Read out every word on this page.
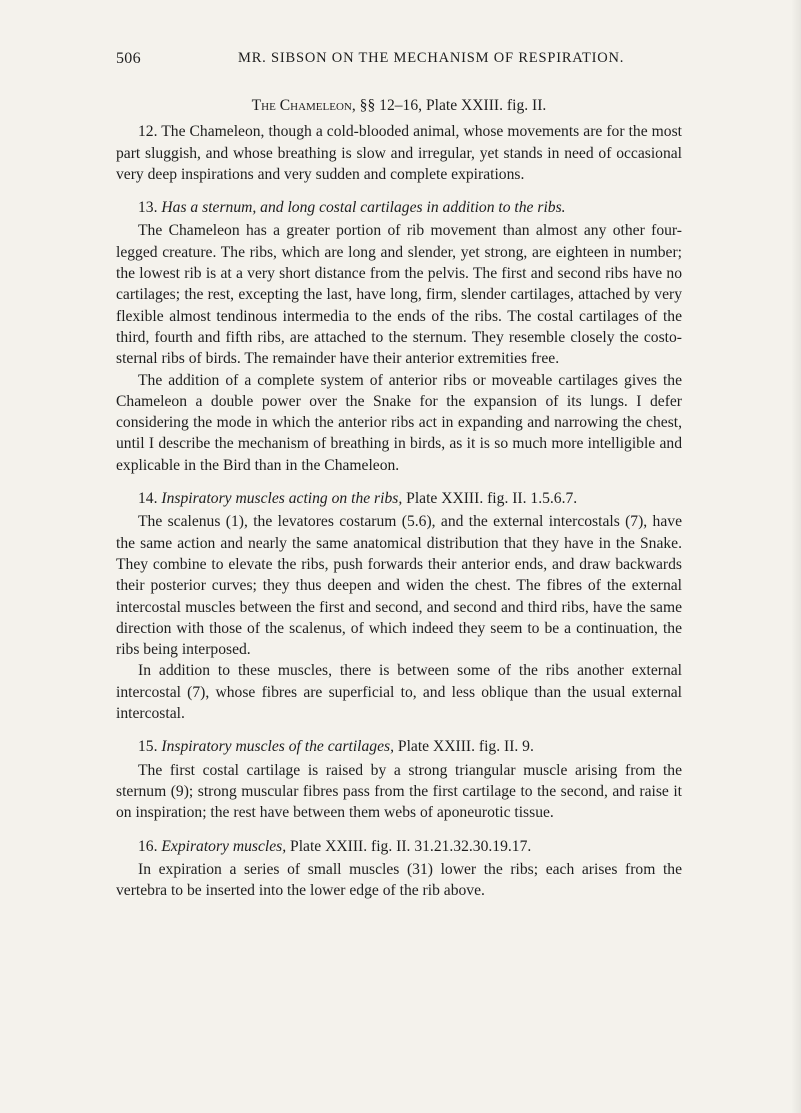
506	MR. SIBSON ON THE MECHANISM OF RESPIRATION.
The Chameleon, §§ 12–16, Plate XXIII. fig. II.

12. The Chameleon, though a cold-blooded animal, whose movements are for the most part sluggish, and whose breathing is slow and irregular, yet stands in need of occasional very deep inspirations and very sudden and complete expirations.

13. Has a sternum, and long costal cartilages in addition to the ribs.

The Chameleon has a greater portion of rib movement than almost any other four-legged creature. The ribs, which are long and slender, yet strong, are eighteen in number; the lowest rib is at a very short distance from the pelvis. The first and second ribs have no cartilages; the rest, excepting the last, have long, firm, slender cartilages, attached by very flexible almost tendinous intermedia to the ends of the ribs. The costal cartilages of the third, fourth and fifth ribs, are attached to the sternum. They resemble closely the costo-sternal ribs of birds. The remainder have their anterior extremities free.

The addition of a complete system of anterior ribs or moveable cartilages gives the Chameleon a double power over the Snake for the expansion of its lungs. I defer considering the mode in which the anterior ribs act in expanding and narrowing the chest, until I describe the mechanism of breathing in birds, as it is so much more intelligible and explicable in the Bird than in the Chameleon.

14. Inspiratory muscles acting on the ribs, Plate XXIII. fig. II. 1.5.6.7.

The scalenus (1), the levatores costarum (5.6), and the external intercostals (7), have the same action and nearly the same anatomical distribution that they have in the Snake. They combine to elevate the ribs, push forwards their anterior ends, and draw backwards their posterior curves; they thus deepen and widen the chest. The fibres of the external intercostal muscles between the first and second, and second and third ribs, have the same direction with those of the scalenus, of which indeed they seem to be a continuation, the ribs being interposed.

In addition to these muscles, there is between some of the ribs another external intercostal (7), whose fibres are superficial to, and less oblique than the usual external intercostal.

15. Inspiratory muscles of the cartilages, Plate XXIII. fig. II. 9.

The first costal cartilage is raised by a strong triangular muscle arising from the sternum (9); strong muscular fibres pass from the first cartilage to the second, and raise it on inspiration; the rest have between them webs of aponeurotic tissue.

16. Expiratory muscles, Plate XXIII. fig. II. 31.21.32.30.19.17.

In expiration a series of small muscles (31) lower the ribs; each arises from the vertebra to be inserted into the lower edge of the rib above.
